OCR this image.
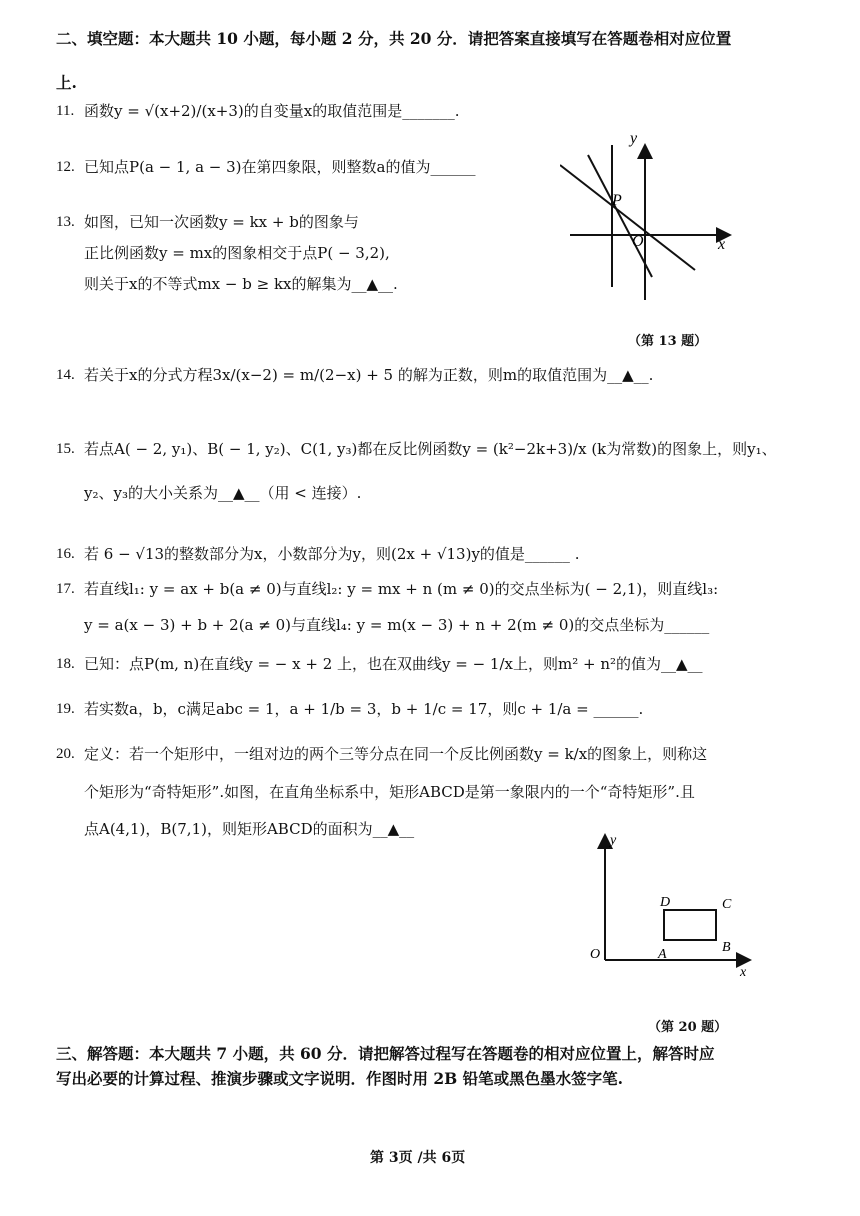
二、填空题：本大题共 10 小题，每小题 2 分，共 20 分．请把答案直接填写在答题卷相对应位置
上.
11. 函数y = √(x+2)/(x+3)的自变量x的取值范围是_______.
12. 已知点P(a − 1, a − 3)在第四象限，则整数a的值为______
13. 如图，已知一次函数y = kx + b的图象与
正比例函数y = mx的图象相交于点P( − 3,2),
则关于x的不等式mx − b ≥ kx的解集为__▲__.
y
x
P
O
（第 13 题）
14. 若关于x的分式方程3x/(x−2) = m/(2−x) + 5 的解为正数，则m的取值范围为__▲__.
15. 若点A( − 2, y₁)、B( − 1, y₂)、C(1, y₃)都在反比例函数y = (k²−2k+3)/x (k为常数)的图象上，则y₁、
y₂、y₃的大小关系为__▲__（用 < 连接）.
16. 若 6 − √13的整数部分为x，小数部分为y，则(2x + √13)y的值是______ .
17. 若直线l₁: y = ax + b(a ≠ 0)与直线l₂: y = mx + n (m ≠ 0)的交点坐标为( − 2,1)，则直线l₃:
y = a(x − 3) + b + 2(a ≠ 0)与直线l₄: y = m(x − 3) + n + 2(m ≠ 0)的交点坐标为______
18. 已知：点P(m, n)在直线y = − x + 2 上，也在双曲线y = − 1/x上，则m² + n²的值为__▲__
19. 若实数a，b，c满足abc = 1，a + 1/b = 3，b + 1/c = 17，则c + 1/a = ______.
20. 定义：若一个矩形中，一组对边的两个三等分点在同一个反比例函数y = k/x的图象上，则称这
个矩形为“奇特矩形”.如图，在直角坐标系中，矩形ABCD是第一象限内的一个“奇特矩形”.且
点A(4,1)，B(7,1)，则矩形ABCD的面积为__▲__
y
x
O	A	B
C
D
（第 20 题）
三、解答题：本大题共 7 小题，共 60 分．请把解答过程写在答题卷的相对应位置上，解答时应
写出必要的计算过程、推演步骤或文字说明．作图时用 2B 铅笔或黑色墨水签字笔.
第 3页 /共 6页
